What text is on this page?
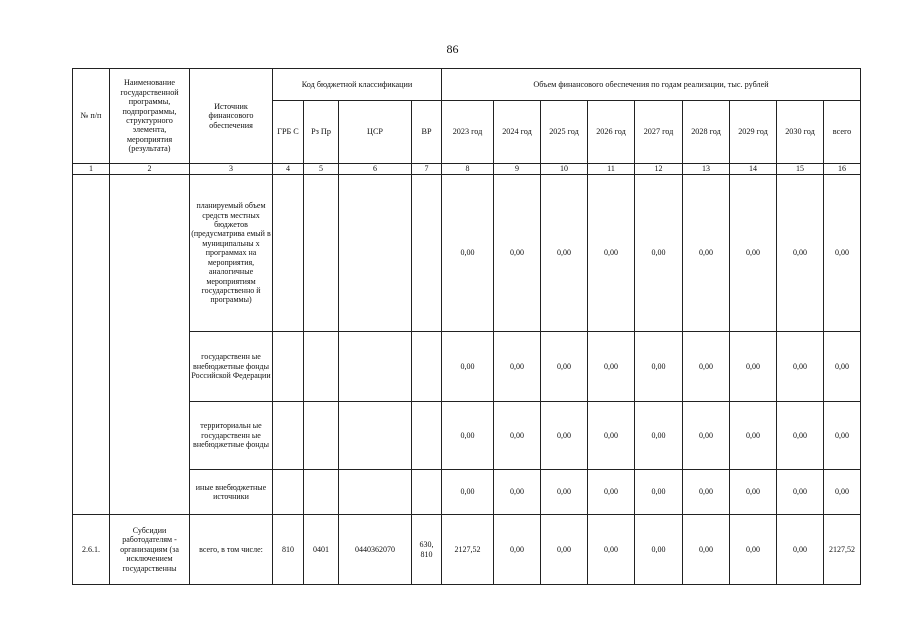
86
№ п/п	Наименование государственной программы, подпрограммы, структурного элемента, мероприятия (результата)	Источник финансового обеспечения	Код бюджетной классификации				Объем финансового обеспечения по годам реализации, тыс. рублей								
			ГРБ С	Рз Пр	ЦСР	ВР	2023 год	2024 год	2025 год	2026 год	2027 год	2028 год	2029 год	2030 год	всего
1	2	3	4	5	6	7	8	9	10	11	12	13	14	15	16
		планируемый объем средств местных бюджетов (предусматрива емый в муниципальны х программах на мероприятия, аналогичные мероприятиям государственно й программы)					0,00	0,00	0,00	0,00	0,00	0,00	0,00	0,00	0,00
		государственн ые внебюджетные фонды Российской Федерации					0,00	0,00	0,00	0,00	0,00	0,00	0,00	0,00	0,00
		территориальн ые государственн ые внебюджетные фонды					0,00	0,00	0,00	0,00	0,00	0,00	0,00	0,00	0,00
		иные внебюджетные источники					0,00	0,00	0,00	0,00	0,00	0,00	0,00	0,00	0,00
2.6.1.	Субсидии работодателям - организациям (за исключением государственны	всего, в том числе:	810	0401	0440362070	630, 810	2127,52	0,00	0,00	0,00	0,00	0,00	0,00	0,00	2127,52
